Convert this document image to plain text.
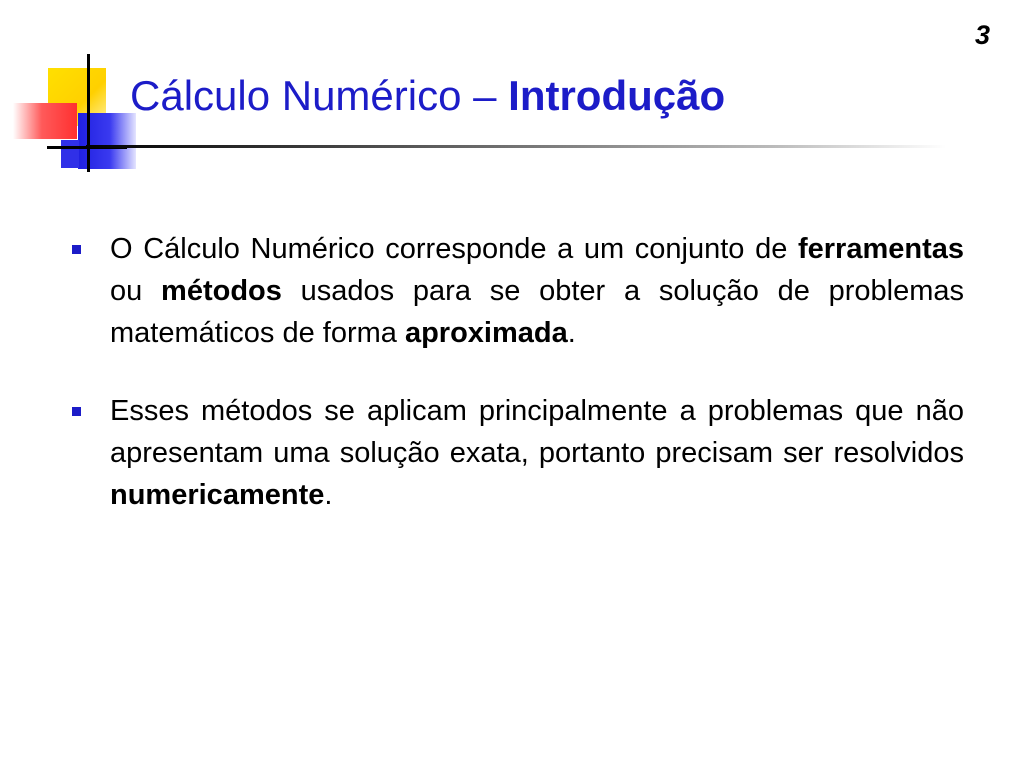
3
Cálculo Numérico – Introdução
O Cálculo Numérico corresponde a um conjunto de ferramentas ou métodos usados para se obter a solução de problemas matemáticos de forma aproximada.
Esses métodos se aplicam principalmente a problemas que não apresentam uma solução exata, portanto precisam ser resolvidos numericamente.
